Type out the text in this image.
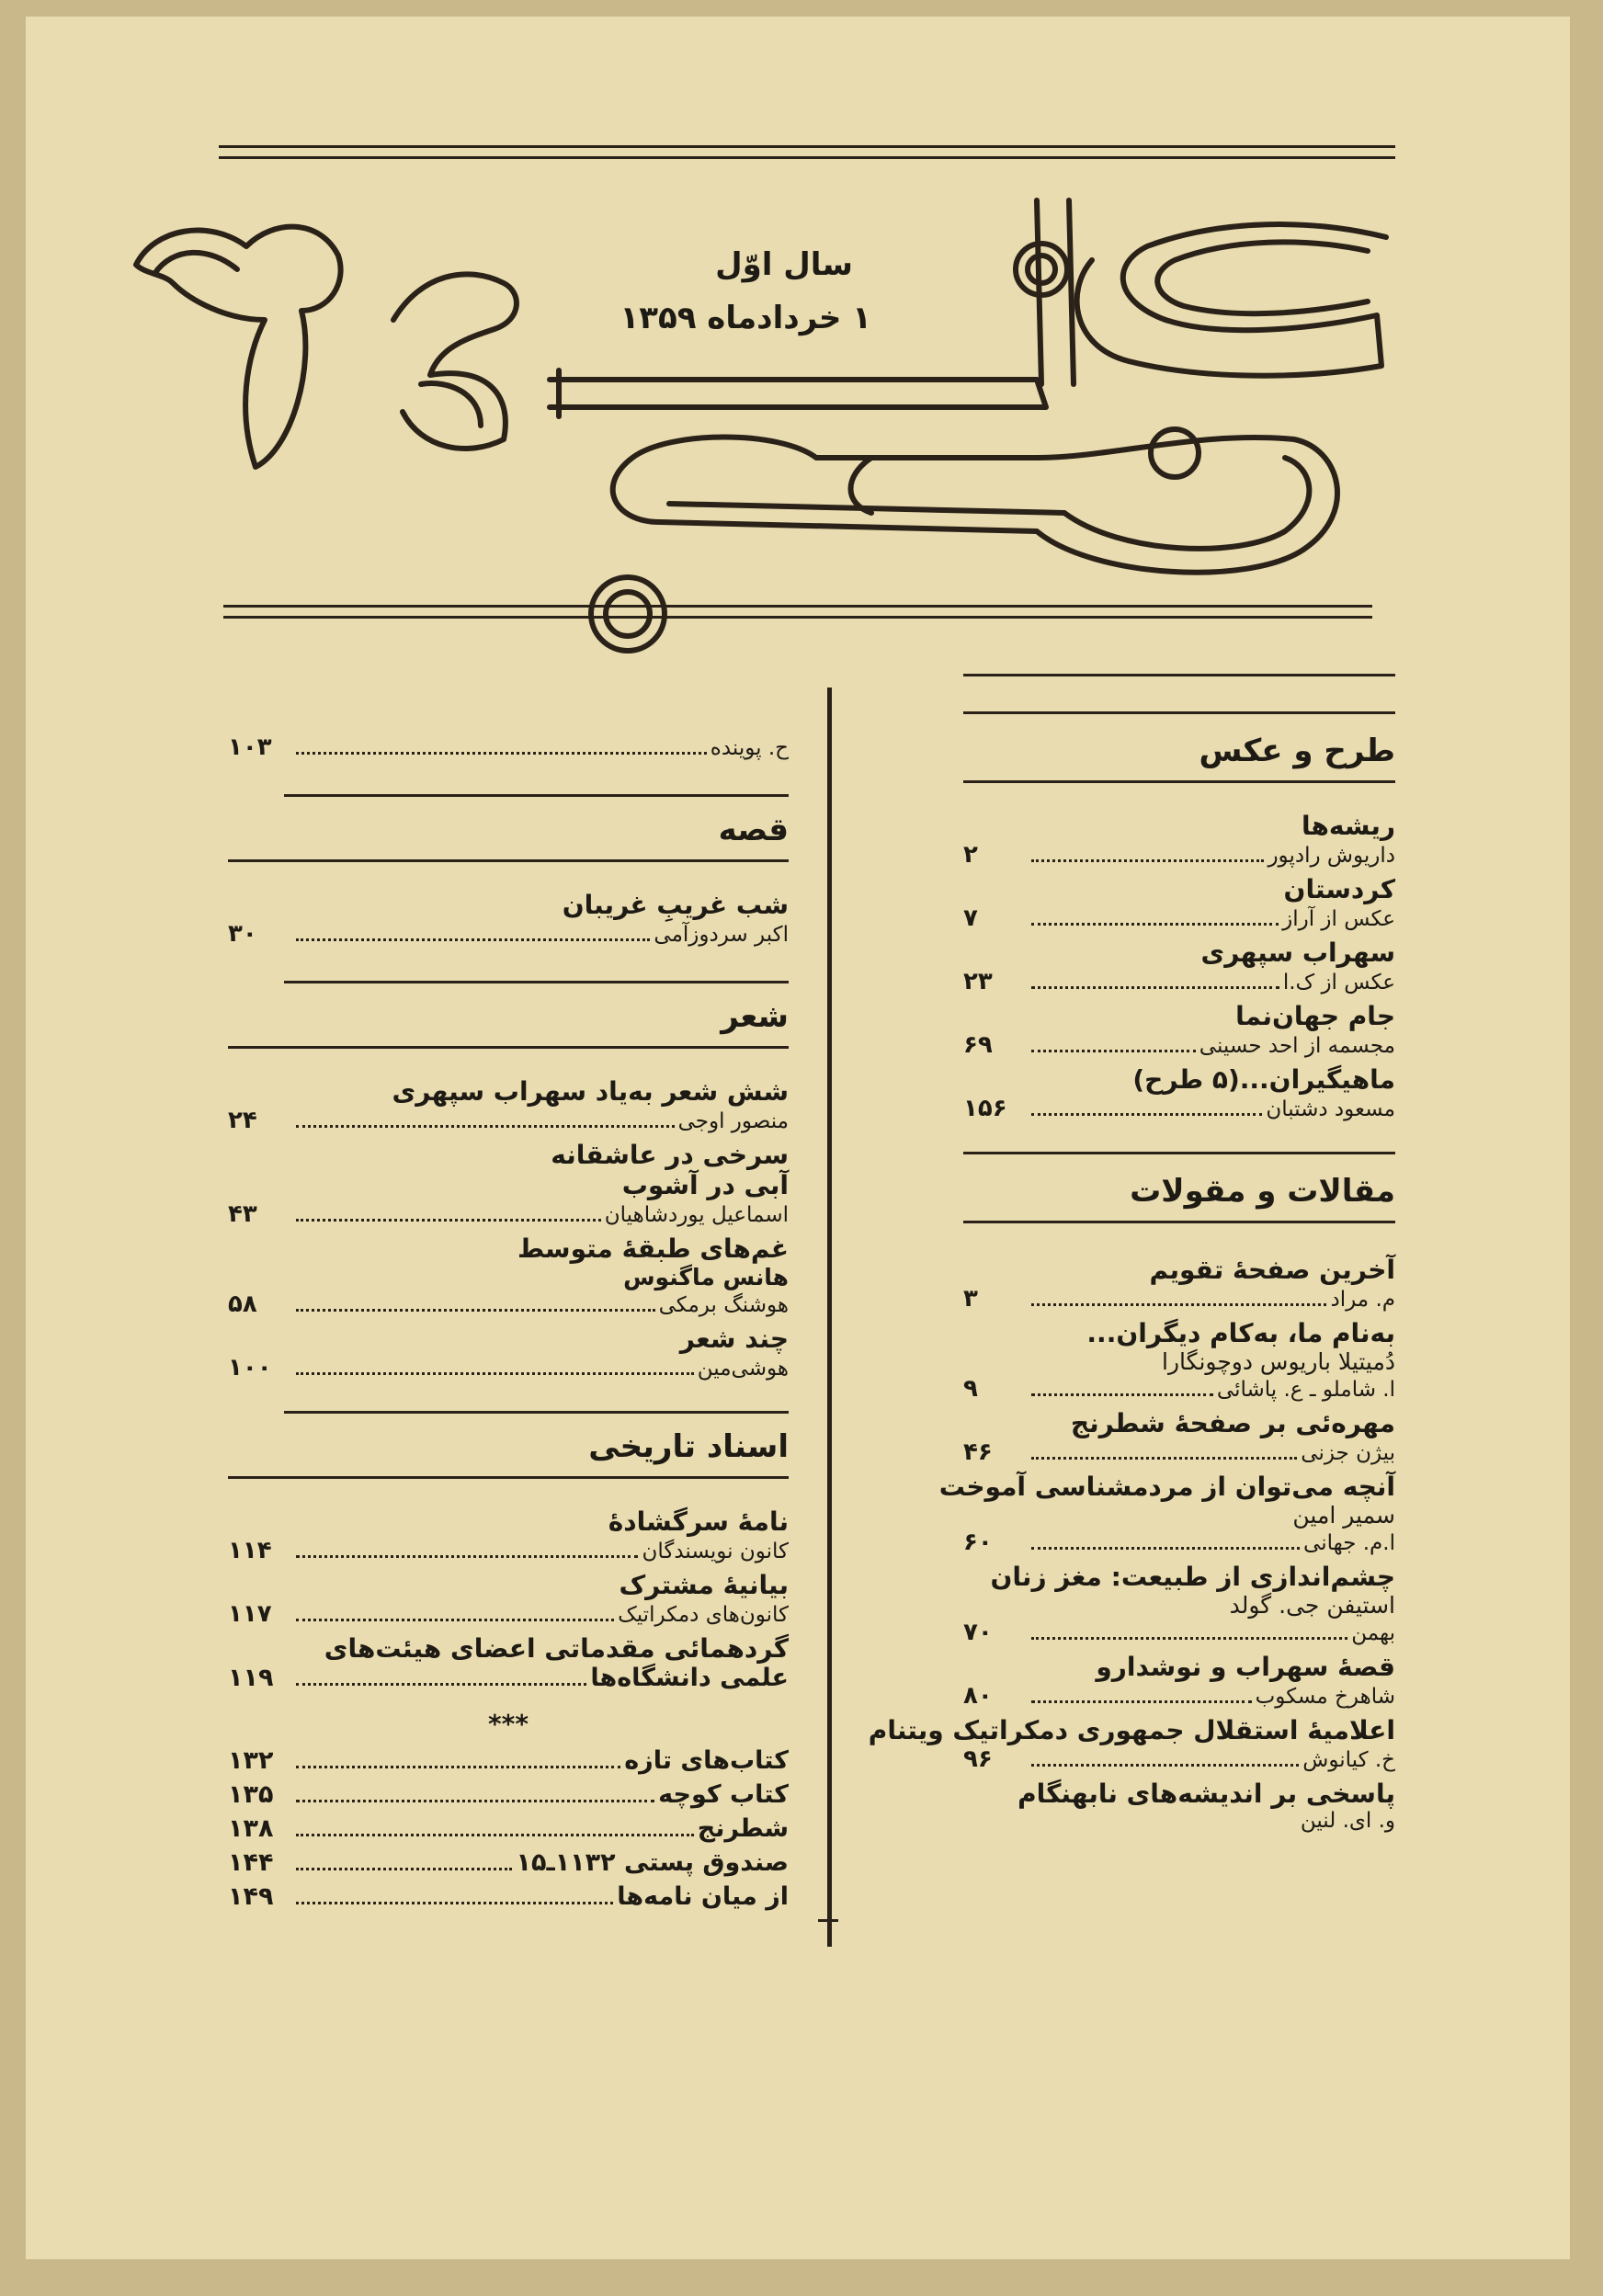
سال اوّل
۱ خردادماه ۱۳۵۹
طرح و عکس
ریشه‌ها
داریوش رادپور
۲
کردستان
عکس از آراز
۷
سهراب سپهری
عکس از ک.ا
۲۳
جام جهان‌نما
مجسمه از احد حسینی
۶۹
ماهیگیران...(۵ طرح)
مسعود دشتبان
۱۵۶
مقالات و مقولات
آخرین صفحهٔ تقویم
م. مراد
۳
به‌نام ما، به‌کام دیگران...
دُمیتیلا باریوس دوچونگارا
ا. شاملو ـ ع. پاشائی
۹
مهره‌ئی بر صفحهٔ شطرنج
بیژن جزنی
۴۶
آنچه می‌توان از مردمشناسی آموخت
سمیر امین
ا.م. جهانی
۶۰
چشم‌اندازی از طبیعت: مغز زنان
استیفن جی. گولد
بهمن
۷۰
قصهٔ سهراب و نوشدارو
شاهرخ مسکوب
۸۰
اعلامیهٔ استقلال جمهوری دمکراتیک ویتنام
خ. کیانوش
۹۶
پاسخی بر اندیشه‌های نابهنگام
و. ای. لنین
ح. پوینده
۱۰۳
قصه
شب غریبِ غریبان
اکبر سردوزآمی
۳۰
شعر
شش شعر به‌یاد سهراب سپهری
منصور اوجی
۲۴
سرخی در عاشقانه
آبی در آشوب
اسماعیل یوردشاهیان
۴۳
غم‌های طبقهٔ متوسط
هانس ماگنوس
هوشنگ برمکی
۵۸
چند شعر
هوشی‌مین
۱۰۰
اسناد تاریخی
نامهٔ سرگشادهٔ
کانون نویسندگان
۱۱۴
بیانیهٔ مشترک
کانون‌های دمکراتیک
۱۱۷
گردهمائی مقدماتی اعضای هیئت‌های
علمی دانشگاه‌ها
۱۱۹
***
کتاب‌های تازه
۱۳۲
کتاب کوچه
۱۳۵
شطرنج
۱۳۸
صندوق پستی ۱۱۳۲ـ۱۵
۱۴۴
از میان نامه‌ها
۱۴۹
